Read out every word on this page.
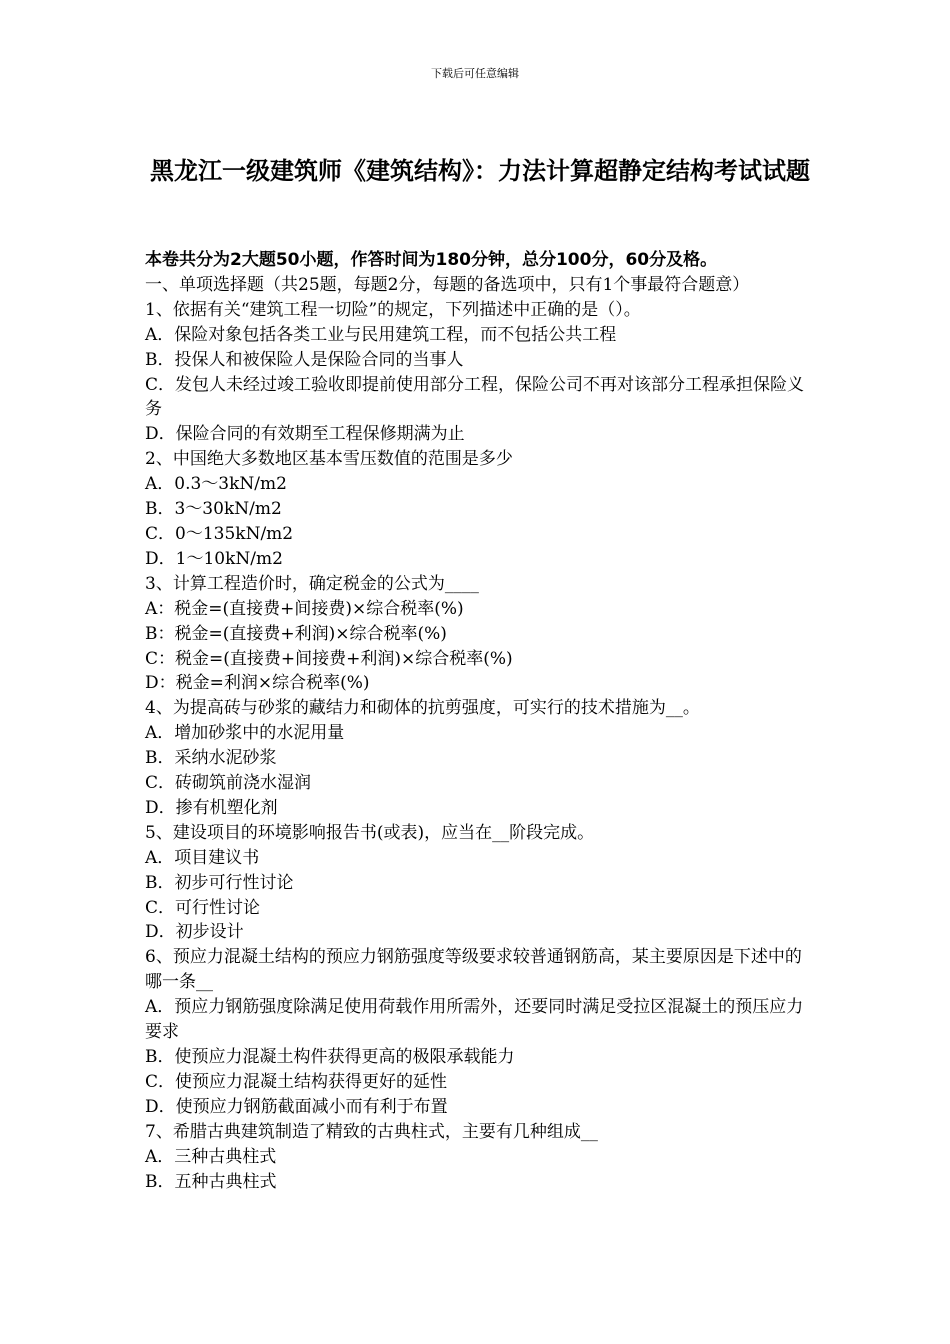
下载后可任意编辑
黑龙江一级建筑师《建筑结构》：力法计算超静定结构考试试题

本卷共分为2大题50小题，作答时间为180分钟，总分100分，60分及格。

一、单项选择题（共25题，每题2分，每题的备选项中，只有1个事最符合题意）

1、依据有关“建筑工程一切险”的规定，下列描述中正确的是（）。

A．保险对象包括各类工业与民用建筑工程，而不包括公共工程

B．投保人和被保险人是保险合同的当事人

C．发包人未经过竣工验收即提前使用部分工程，保险公司不再对该部分工程承担保险义务

D．保险合同的有效期至工程保修期满为止

2、中国绝大多数地区基本雪压数值的范围是多少

A．0.3～3kN/m2

B．3～30kN/m2

C．0～135kN/m2

D．1～10kN/m2

3、计算工程造价时，确定税金的公式为____

A：税金=(直接费+间接费)×综合税率(%)

B：税金=(直接费+利润)×综合税率(%)

C：税金=(直接费+间接费+利润)×综合税率(%)

D：税金=利润×综合税率(%)

4、为提高砖与砂浆的藏结力和砌体的抗剪强度，可实行的技术措施为__。

A．增加砂浆中的水泥用量

B．采纳水泥砂浆

C．砖砌筑前浇水湿润

D．掺有机塑化剂

5、建设项目的环境影响报告书(或表)，应当在__阶段完成。

A．项目建议书

B．初步可行性讨论

C．可行性讨论

D．初步设计

6、预应力混凝土结构的预应力钢筋强度等级要求较普通钢筋高，某主要原因是下述中的哪一条__

A．预应力钢筋强度除满足使用荷载作用所需外，还要同时满足受拉区混凝土的预压应力要求

B．使预应力混凝土构件获得更高的极限承载能力

C．使预应力混凝土结构获得更好的延性

D．使预应力钢筋截面减小而有利于布置

7、希腊古典建筑制造了精致的古典柱式，主要有几种组成__

A．三种古典柱式

B．五种古典柱式
